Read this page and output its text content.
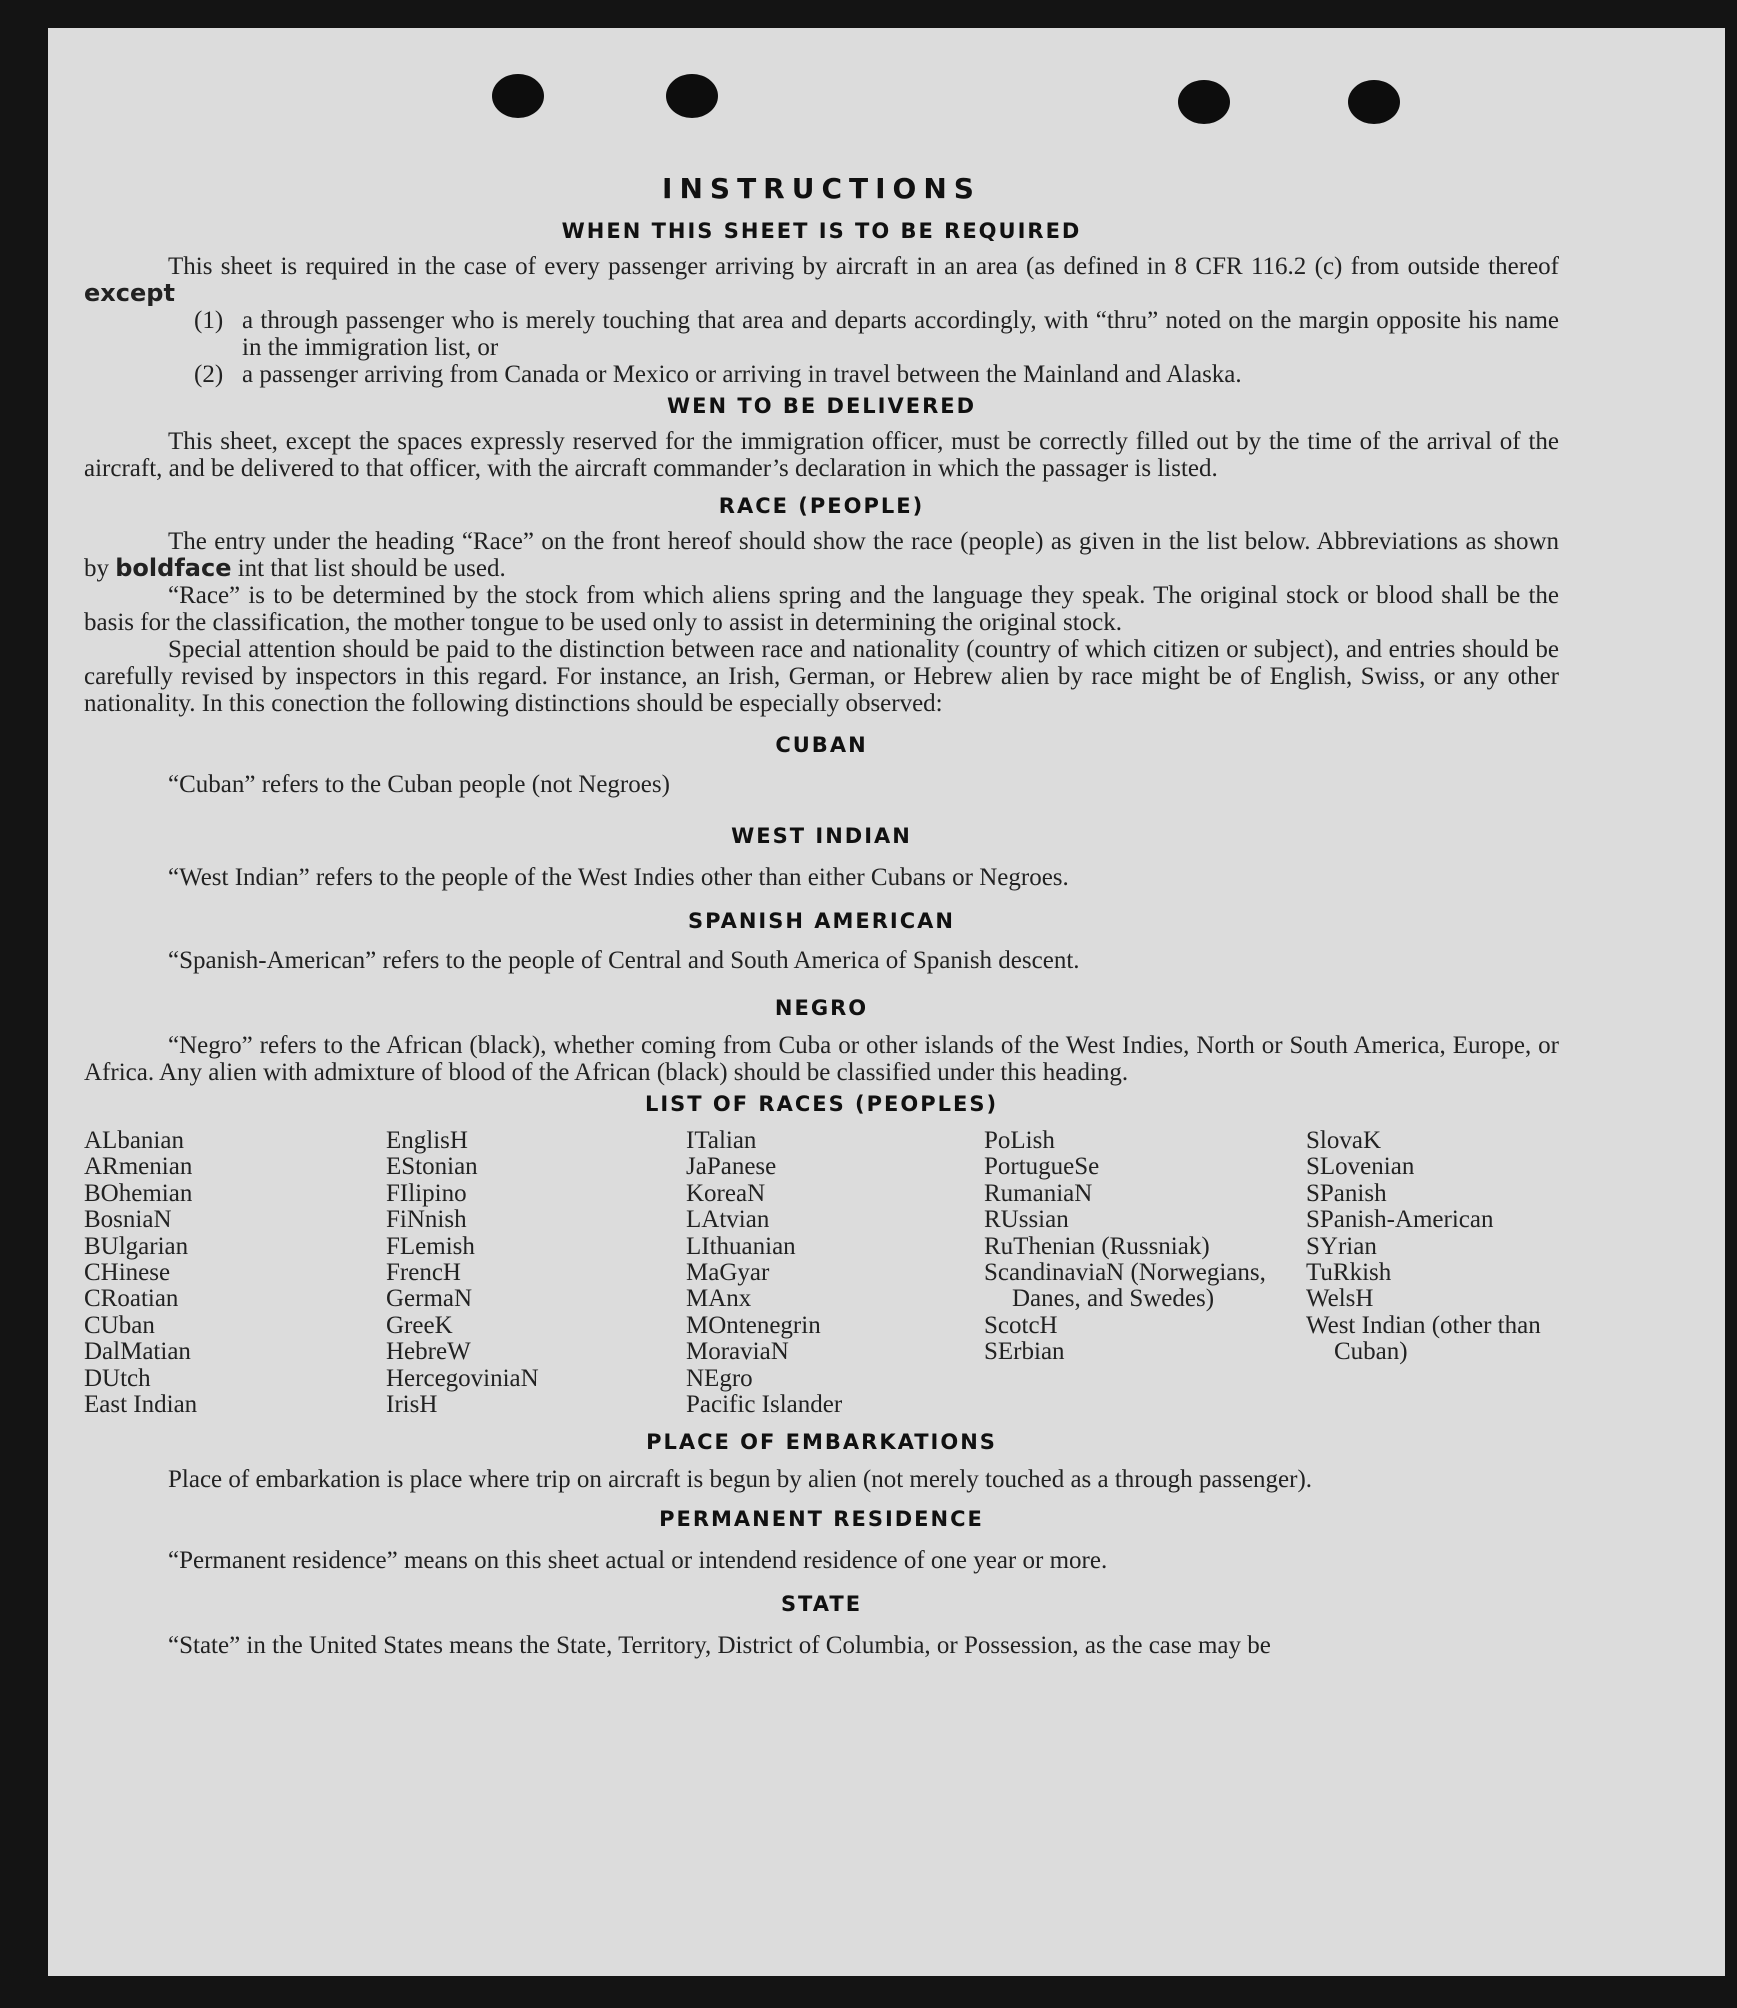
INSTRUCTIONS
WHEN THIS SHEET IS TO BE REQUIRED

This sheet is required in the case of every passenger arriving by aircraft in an area (as defined in 8 CFR 116.2 (c) from outside thereof except

(1) a through passenger who is merely touching that area and departs accordingly, with “thru” noted on the margin opposite his name in the immigration list, or
(2) a passenger arriving from Canada or Mexico or arriving in travel between the Mainland and Alaska.
WEN TO BE DELIVERED

This sheet, except the spaces expressly reserved for the immigration officer, must be correctly filled out by the time of the arrival of the aircraft, and be delivered to that officer, with the aircraft commander’s declaration in which the passager is listed.

RACE (PEOPLE)

The entry under the heading “Race” on the front hereof should show the race (people) as given in the list below. Abbreviations as shown by boldface int that list should be used.

“Race” is to be determined by the stock from which aliens spring and the language they speak. The original stock or blood shall be the basis for the classification, the mother tongue to be used only to assist in determining the original stock.

Special attention should be paid to the distinction between race and nationality (country of which citizen or subject), and entries should be carefully revised by inspectors in this regard. For instance, an Irish, German, or Hebrew alien by race might be of English, Swiss, or any other nationality. In this conection the following distinctions should be especially observed:

CUBAN

“Cuban” refers to the Cuban people (not Negroes)

WEST INDIAN

“West Indian” refers to the people of the West Indies other than either Cubans or Negroes.

SPANISH AMERICAN

“Spanish-American” refers to the people of Central and South America of Spanish descent.

NEGRO

“Negro” refers to the African (black), whether coming from Cuba or other islands of the West Indies, North or South America, Europe, or Africa. Any alien with admixture of blood of the African (black) should be classified under this heading.

LIST OF RACES (PEOPLES)
ALbanian
ARmenian
BOhemian
BosniaN
BUlgarian
CHinese
CRoatian
CUban
DalMatian
DUtch
East Indian
EnglisH
EStonian
FIlipino
FiNnish
FLemish
FrencH
GermaN
GreeK
HebreW
HercegoviniaN
IrisH
ITalian
JaPanese
KoreaN
LAtvian
LIthuanian
MaGyar
MAnx
MOntenegrin
MoraviaN
NEgro
Pacific Islander
PoLish
PortugueSe
RumaniaN
RUssian
RuThenian (Russniak)
ScandinaviaN (Norwegians, Danes, and Swedes)
ScotcH
SErbian
SlovaK
SLovenian
SPanish
SPanish-American
SYrian
TuRkish
WelsH
West Indian (other than Cuban)
PLACE OF EMBARKATIONS

Place of embarkation is place where trip on aircraft is begun by alien (not merely touched as a through passenger).

PERMANENT RESIDENCE

“Permanent residence” means on this sheet actual or intendend residence of one year or more.

STATE

“State” in the United States means the State, Territory, District of Columbia, or Possession, as the case may be
